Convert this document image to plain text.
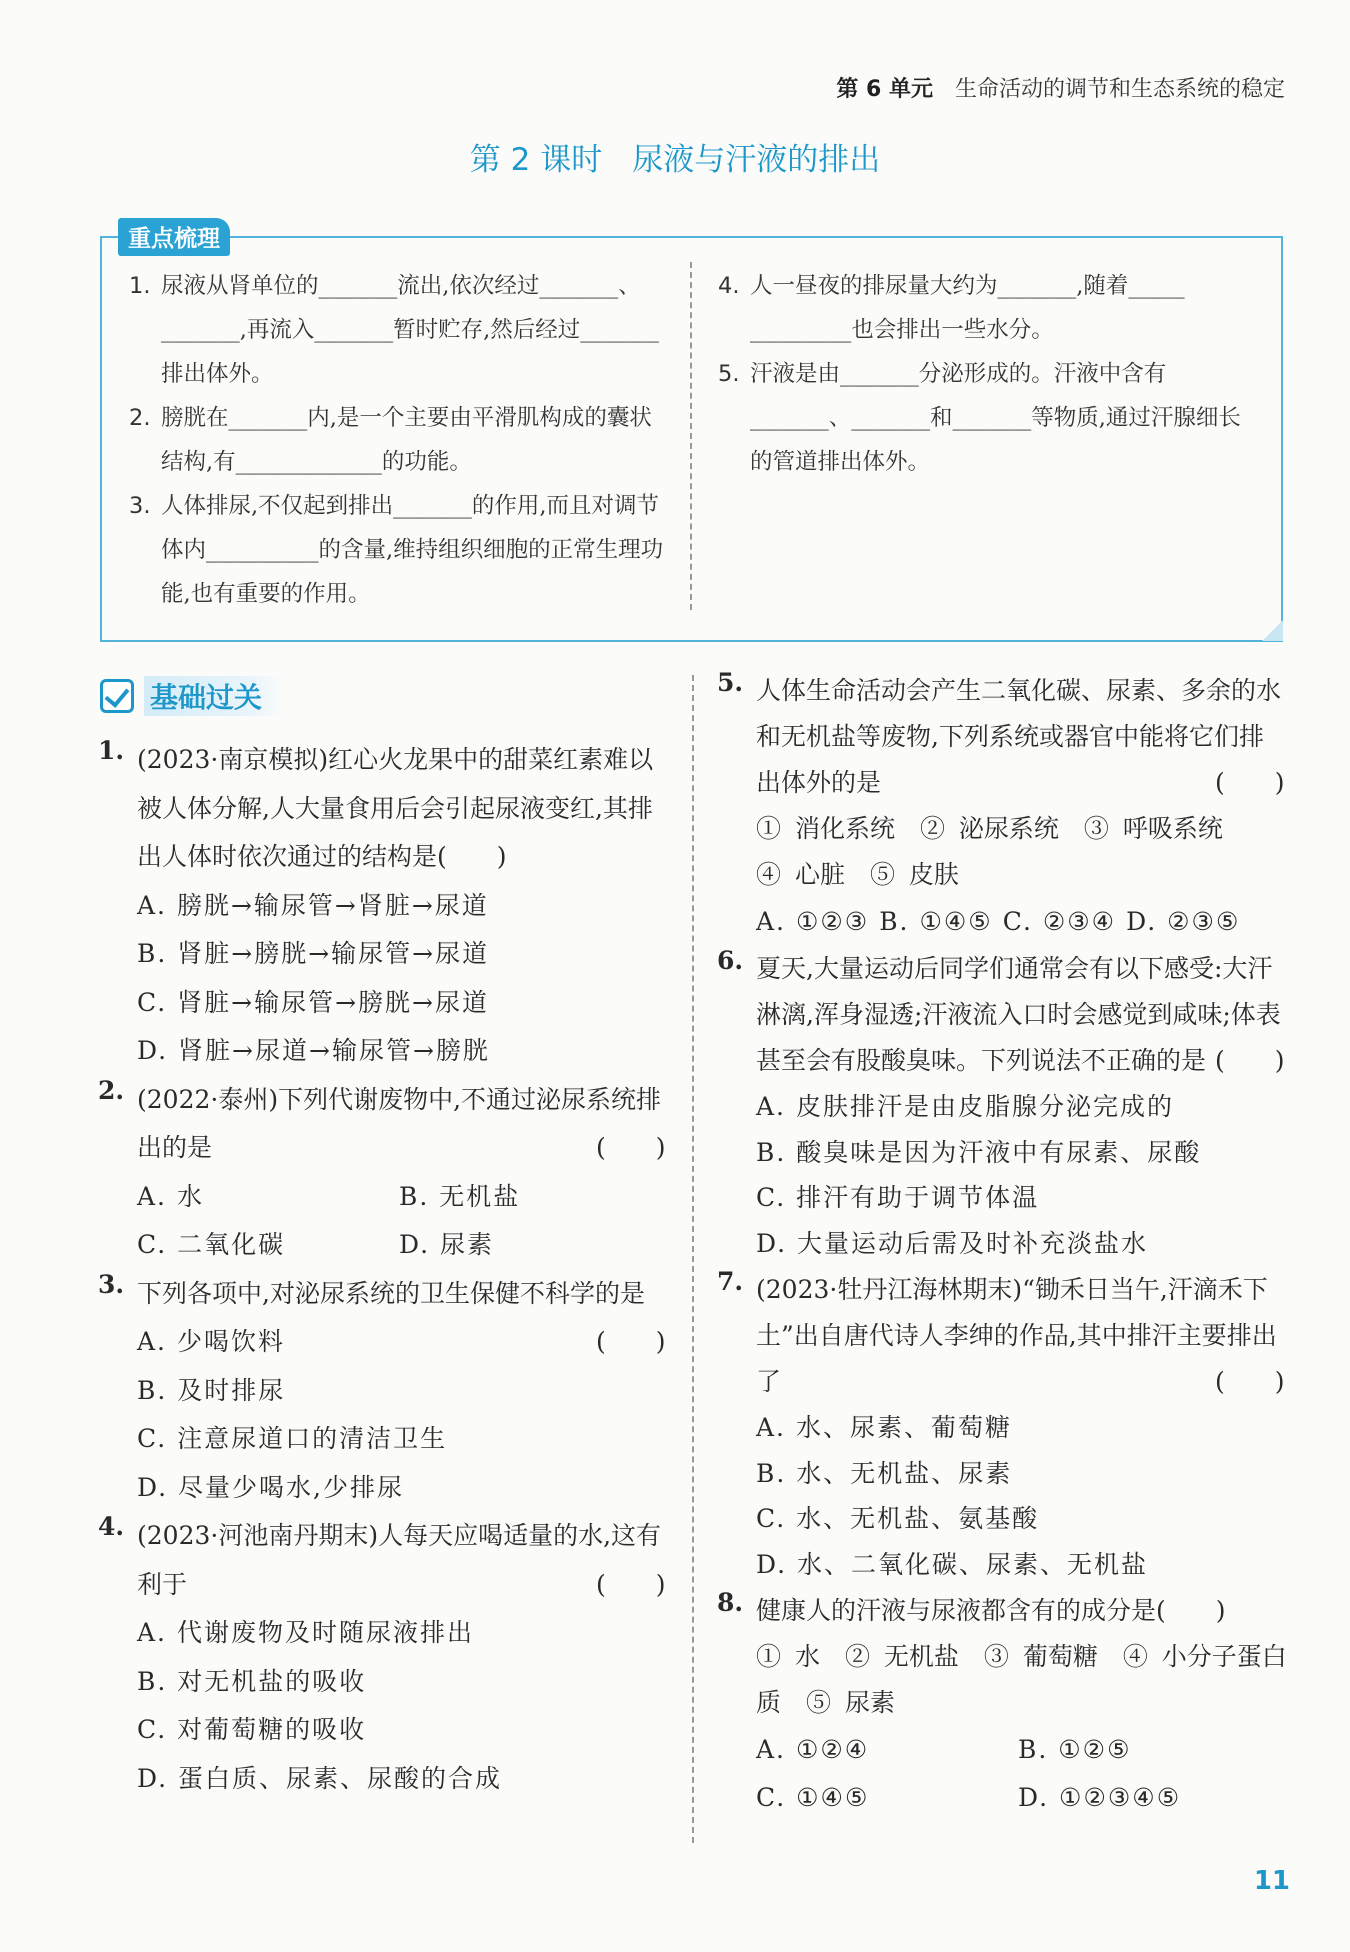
第 6 单元 生命活动的调节和生态系统的稳定
第 2 课时 尿液与汗液的排出
重点梳理
1. 尿液从肾单位的_______流出,依次经过_______、_______,再流入_______暂时贮存,然后经过_______排出体外。
2. 膀胱在_______内,是一个主要由平滑肌构成的囊状结构,有_____________的功能。
3. 人体排尿,不仅起到排出_______的作用,而且对调节体内__________的含量,维持组织细胞的正常生理功能,也有重要的作用。
4. 人一昼夜的排尿量大约为_______,随着_____ _________也会排出一些水分。
5. 汗液是由_______分泌形成的。汗液中含有_______、_______和_______等物质,通过汗腺细长的管道排出体外。
基础过关
1. (2023·南京模拟)红心火龙果中的甜菜红素难以被人体分解,人大量食用后会引起尿液变红,其排出人体时依次通过的结构是(　　)
A. 膀胱→输尿管→肾脏→尿道
B. 肾脏→膀胱→输尿管→尿道
C. 肾脏→输尿管→膀胱→尿道
D. 肾脏→尿道→输尿管→膀胱
2. (2022·泰州)下列代谢废物中,不通过泌尿系统排出的是	(　　)
A. 水	B. 无机盐
C. 二氧化碳	D. 尿素
3. 下列各项中,对泌尿系统的卫生保健不科学的是
(　　)
A. 少喝饮料
B. 及时排尿
C. 注意尿道口的清洁卫生
D. 尽量少喝水,少排尿
4. (2023·河池南丹期末)人每天应喝适量的水,这有利于	(　　)
A. 代谢废物及时随尿液排出
B. 对无机盐的吸收
C. 对葡萄糖的吸收
D. 蛋白质、尿素、尿酸的合成
5. 人体生命活动会产生二氧化碳、尿素、多余的水和无机盐等废物,下列系统或器官中能将它们排出体外的是	(　　)
① 消化系统　② 泌尿系统　③ 呼吸系统
④ 心脏　⑤ 皮肤
A. ①②③ B. ①④⑤ C. ②③④ D. ②③⑤
6. 夏天,大量运动后同学们通常会有以下感受:大汗淋漓,浑身湿透;汗液流入口时会感觉到咸味;体表甚至会有股酸臭味。下列说法不正确的是 (　　)
A. 皮肤排汗是由皮脂腺分泌完成的
B. 酸臭味是因为汗液中有尿素、尿酸
C. 排汗有助于调节体温
D. 大量运动后需及时补充淡盐水
7. (2023·牡丹江海林期末)“锄禾日当午,汗滴禾下土”出自唐代诗人李绅的作品,其中排汗主要排出了	(　　)
A. 水、尿素、葡萄糖
B. 水、无机盐、尿素
C. 水、无机盐、氨基酸
D. 水、二氧化碳、尿素、无机盐
8. 健康人的汗液与尿液都含有的成分是(　　)
① 水　② 无机盐　③ 葡萄糖　④ 小分子蛋白质　⑤ 尿素
A. ①②④	B. ①②⑤
C. ①④⑤	D. ①②③④⑤
11
